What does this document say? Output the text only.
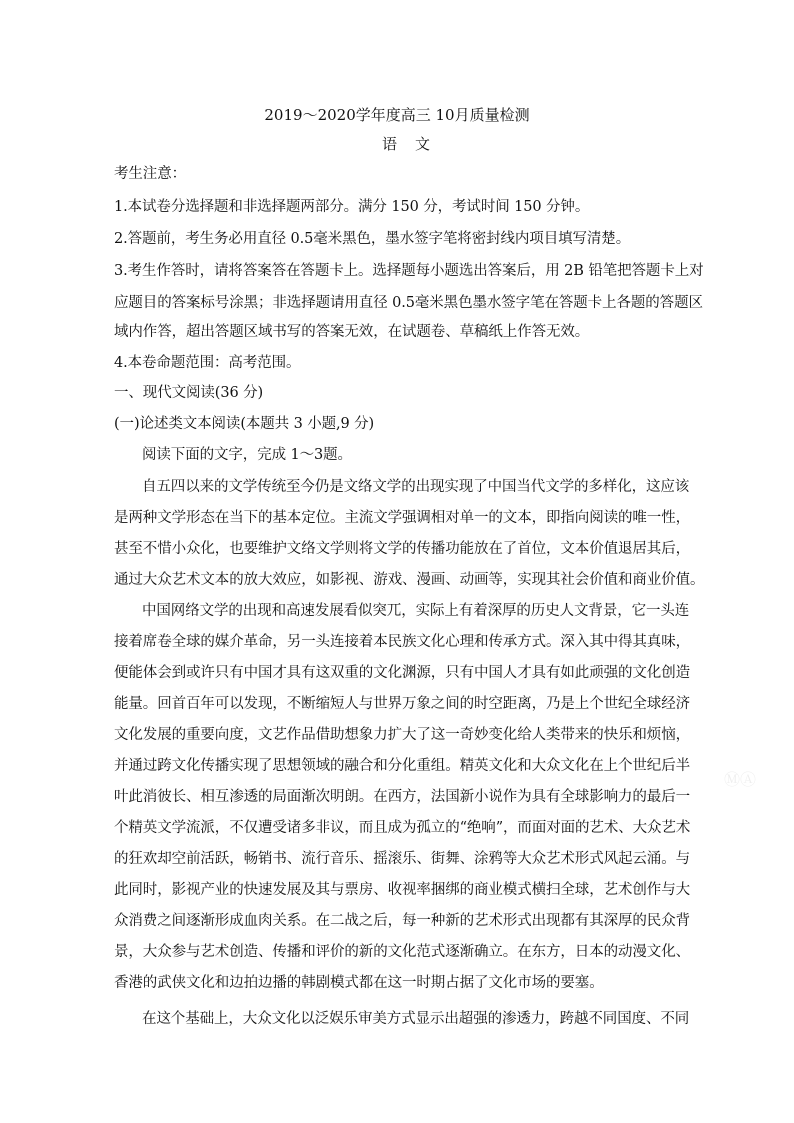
2019～2020学年度高三 10月质量检测
语文
考生注意：
1.本试卷分选择题和非选择题两部分。满分 150 分，考试时间 150 分钟。
2.答题前，考生务必用直径 0.5毫米黑色，墨水签字笔将密封线内项目填写清楚。
3.考生作答时，请将答案答在答题卡上。选择题每小题选出答案后，用 2B 铅笔把答题卡上对
应题目的答案标号涂黑；非选择题请用直径 0.5毫米黑色墨水签字笔在答题卡上各题的答题区
域内作答，超出答题区域书写的答案无效，在试题卷、草稿纸上作答无效。
4.本卷命题范围：高考范围。
一、现代文阅读(36 分)
(一)论述类文本阅读(本题共 3 小题,9 分)
阅读下面的文字，完成 1～3题。
自五四以来的文学传统至今仍是文络文学的出现实现了中国当代文学的多样化，这应该
是两种文学形态在当下的基本定位。主流文学强调相对单一的文本，即指向阅读的唯一性，
甚至不惜小众化，也要维护文络文学则将文学的传播功能放在了首位，文本价值退居其后，
通过大众艺术文本的放大效应，如影视、游戏、漫画、动画等，实现其社会价值和商业价值。
中国网络文学的出现和高速发展看似突兀，实际上有着深厚的历史人文背景，它一头连
接着席卷全球的媒介革命，另一头连接着本民族文化心理和传承方式。深入其中得其真味，
便能体会到或许只有中国才具有这双重的文化渊源，只有中国人才具有如此顽强的文化创造
能量。回首百年可以发现，不断缩短人与世界万象之间的时空距离，乃是上个世纪全球经济
文化发展的重要向度，文艺作品借助想象力扩大了这一奇妙变化给人类带来的快乐和烦恼，
并通过跨文化传播实现了思想领域的融合和分化重组。精英文化和大众文化在上个世纪后半
叶此消彼长、相互渗透的局面渐次明朗。在西方，法国新小说作为具有全球影响力的最后一
个精英文学流派，不仅遭受诸多非议，而且成为孤立的“绝响”，而面对面的艺术、大众艺术
的狂欢却空前活跃，畅销书、流行音乐、摇滚乐、街舞、涂鸦等大众艺术形式风起云涌。与
此同时，影视产业的快速发展及其与票房、收视率捆绑的商业模式横扫全球，艺术创作与大
众消费之间逐渐形成血肉关系。在二战之后，每一种新的艺术形式出现都有其深厚的民众背
景，大众参与艺术创造、传播和评价的新的文化范式逐渐确立。在东方，日本的动漫文化、
香港的武侠文化和边拍边播的韩剧模式都在这一时期占据了文化市场的要塞。
在这个基础上，大众文化以泛娱乐审美方式显示出超强的渗透力，跨越不同国度、不同
ⓂⒶ
